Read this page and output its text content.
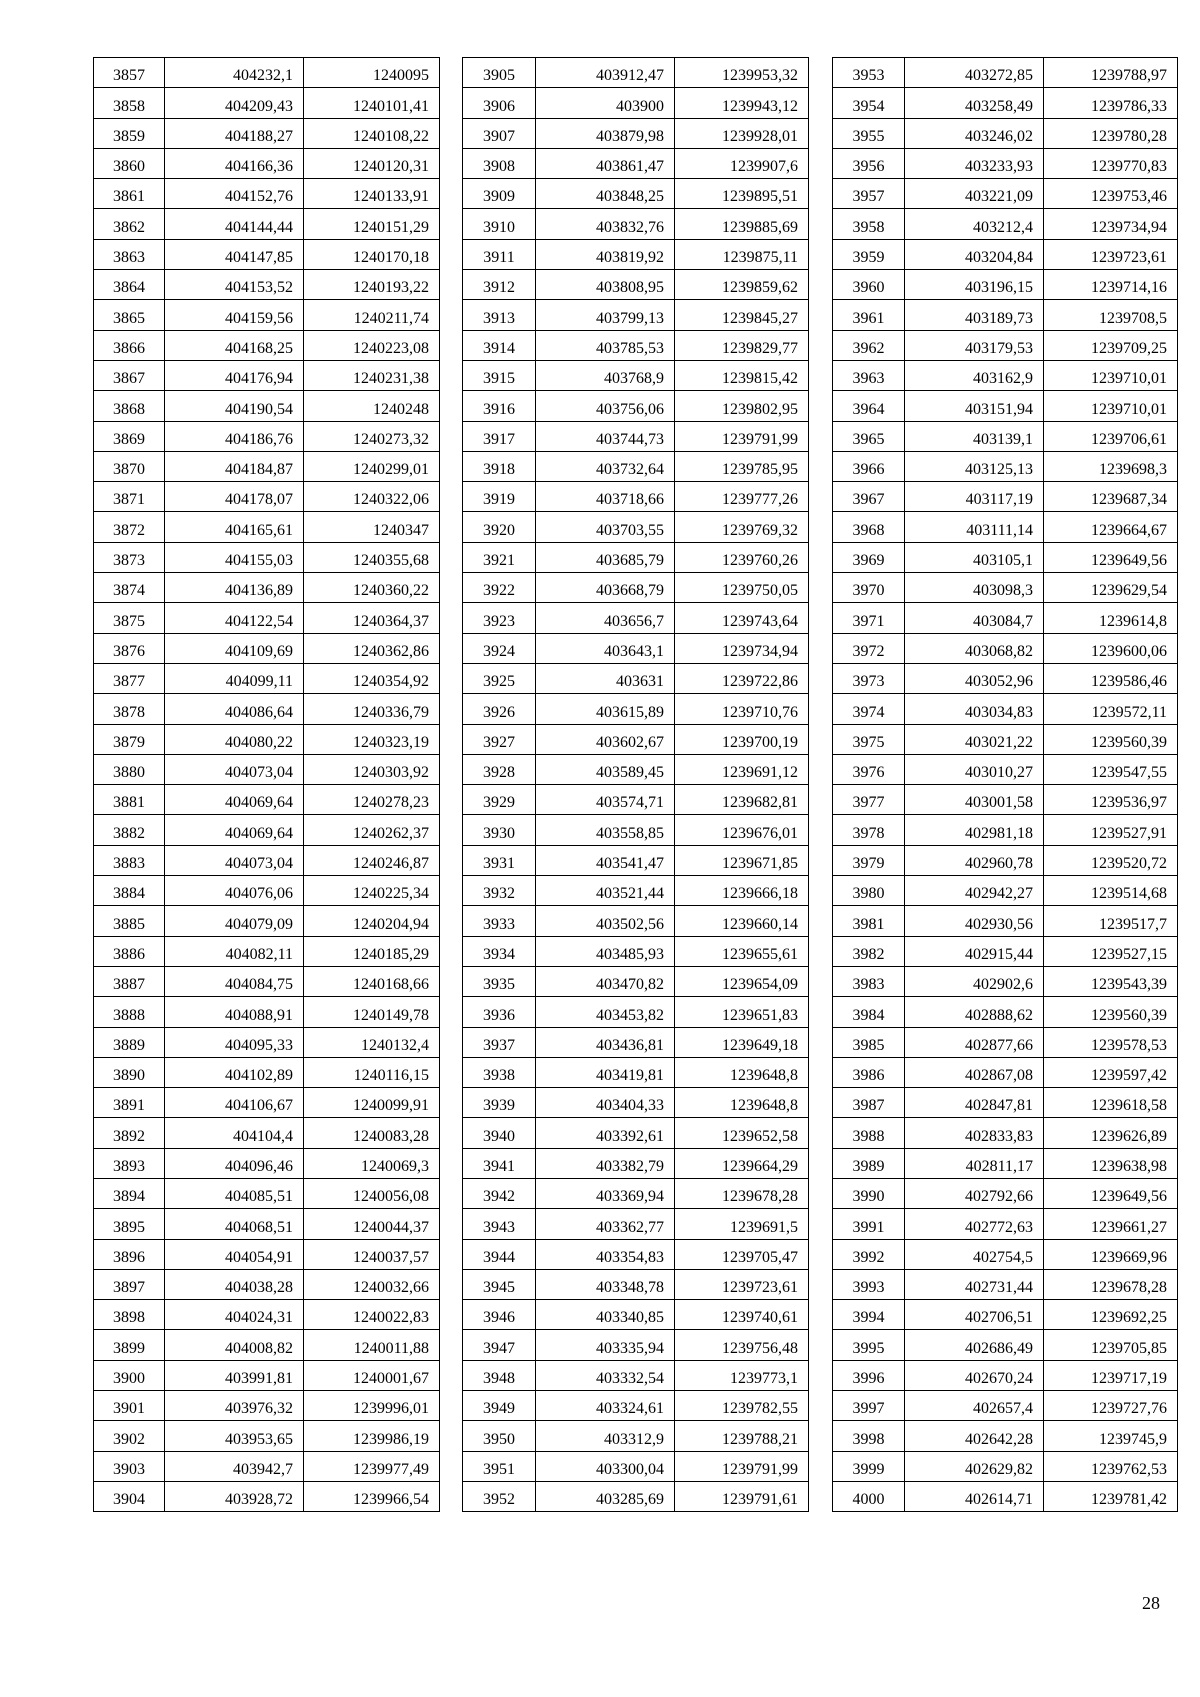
3857	404232,1	1240095
3858	404209,43	1240101,41
3859	404188,27	1240108,22
3860	404166,36	1240120,31
3861	404152,76	1240133,91
3862	404144,44	1240151,29
3863	404147,85	1240170,18
3864	404153,52	1240193,22
3865	404159,56	1240211,74
3866	404168,25	1240223,08
3867	404176,94	1240231,38
3868	404190,54	1240248
3869	404186,76	1240273,32
3870	404184,87	1240299,01
3871	404178,07	1240322,06
3872	404165,61	1240347
3873	404155,03	1240355,68
3874	404136,89	1240360,22
3875	404122,54	1240364,37
3876	404109,69	1240362,86
3877	404099,11	1240354,92
3878	404086,64	1240336,79
3879	404080,22	1240323,19
3880	404073,04	1240303,92
3881	404069,64	1240278,23
3882	404069,64	1240262,37
3883	404073,04	1240246,87
3884	404076,06	1240225,34
3885	404079,09	1240204,94
3886	404082,11	1240185,29
3887	404084,75	1240168,66
3888	404088,91	1240149,78
3889	404095,33	1240132,4
3890	404102,89	1240116,15
3891	404106,67	1240099,91
3892	404104,4	1240083,28
3893	404096,46	1240069,3
3894	404085,51	1240056,08
3895	404068,51	1240044,37
3896	404054,91	1240037,57
3897	404038,28	1240032,66
3898	404024,31	1240022,83
3899	404008,82	1240011,88
3900	403991,81	1240001,67
3901	403976,32	1239996,01
3902	403953,65	1239986,19
3903	403942,7	1239977,49
3904	403928,72	1239966,54
3905	403912,47	1239953,32
3906	403900	1239943,12
3907	403879,98	1239928,01
3908	403861,47	1239907,6
3909	403848,25	1239895,51
3910	403832,76	1239885,69
3911	403819,92	1239875,11
3912	403808,95	1239859,62
3913	403799,13	1239845,27
3914	403785,53	1239829,77
3915	403768,9	1239815,42
3916	403756,06	1239802,95
3917	403744,73	1239791,99
3918	403732,64	1239785,95
3919	403718,66	1239777,26
3920	403703,55	1239769,32
3921	403685,79	1239760,26
3922	403668,79	1239750,05
3923	403656,7	1239743,64
3924	403643,1	1239734,94
3925	403631	1239722,86
3926	403615,89	1239710,76
3927	403602,67	1239700,19
3928	403589,45	1239691,12
3929	403574,71	1239682,81
3930	403558,85	1239676,01
3931	403541,47	1239671,85
3932	403521,44	1239666,18
3933	403502,56	1239660,14
3934	403485,93	1239655,61
3935	403470,82	1239654,09
3936	403453,82	1239651,83
3937	403436,81	1239649,18
3938	403419,81	1239648,8
3939	403404,33	1239648,8
3940	403392,61	1239652,58
3941	403382,79	1239664,29
3942	403369,94	1239678,28
3943	403362,77	1239691,5
3944	403354,83	1239705,47
3945	403348,78	1239723,61
3946	403340,85	1239740,61
3947	403335,94	1239756,48
3948	403332,54	1239773,1
3949	403324,61	1239782,55
3950	403312,9	1239788,21
3951	403300,04	1239791,99
3952	403285,69	1239791,61
3953	403272,85	1239788,97
3954	403258,49	1239786,33
3955	403246,02	1239780,28
3956	403233,93	1239770,83
3957	403221,09	1239753,46
3958	403212,4	1239734,94
3959	403204,84	1239723,61
3960	403196,15	1239714,16
3961	403189,73	1239708,5
3962	403179,53	1239709,25
3963	403162,9	1239710,01
3964	403151,94	1239710,01
3965	403139,1	1239706,61
3966	403125,13	1239698,3
3967	403117,19	1239687,34
3968	403111,14	1239664,67
3969	403105,1	1239649,56
3970	403098,3	1239629,54
3971	403084,7	1239614,8
3972	403068,82	1239600,06
3973	403052,96	1239586,46
3974	403034,83	1239572,11
3975	403021,22	1239560,39
3976	403010,27	1239547,55
3977	403001,58	1239536,97
3978	402981,18	1239527,91
3979	402960,78	1239520,72
3980	402942,27	1239514,68
3981	402930,56	1239517,7
3982	402915,44	1239527,15
3983	402902,6	1239543,39
3984	402888,62	1239560,39
3985	402877,66	1239578,53
3986	402867,08	1239597,42
3987	402847,81	1239618,58
3988	402833,83	1239626,89
3989	402811,17	1239638,98
3990	402792,66	1239649,56
3991	402772,63	1239661,27
3992	402754,5	1239669,96
3993	402731,44	1239678,28
3994	402706,51	1239692,25
3995	402686,49	1239705,85
3996	402670,24	1239717,19
3997	402657,4	1239727,76
3998	402642,28	1239745,9
3999	402629,82	1239762,53
4000	402614,71	1239781,42
28
